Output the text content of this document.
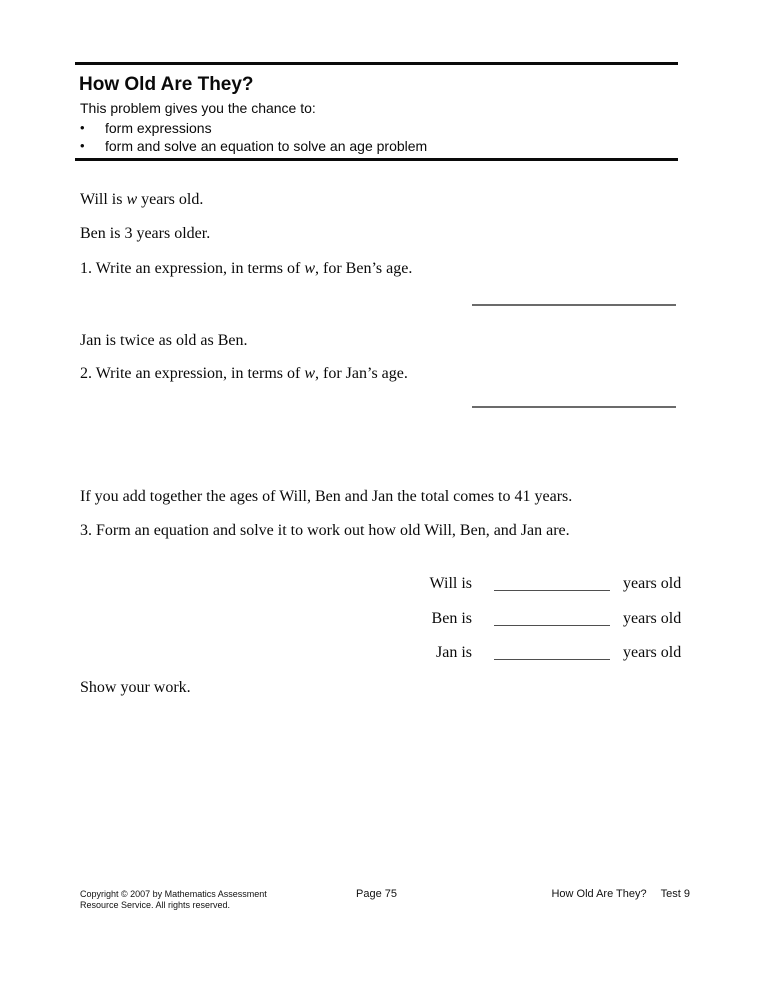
How Old Are They?
This problem gives you the chance to:
•	form expressions
•	form and solve an equation to solve an age problem
Will is w years old.
Ben is 3 years older.
1. Write an expression, in terms of w, for Ben’s age.
Jan is twice as old as Ben.
2. Write an expression, in terms of w, for Jan’s age.
If you add together the ages of Will, Ben and Jan the total comes to 41 years.
3. Form an equation and solve it to work out how old Will, Ben, and Jan are.
Will is	years old
Ben is	years old
Jan is	years old
Show your work.
Copyright © 2007 by Mathematics Assessment
Resource Service. All rights reserved.
Page 75	How Old Are They? Test 9
